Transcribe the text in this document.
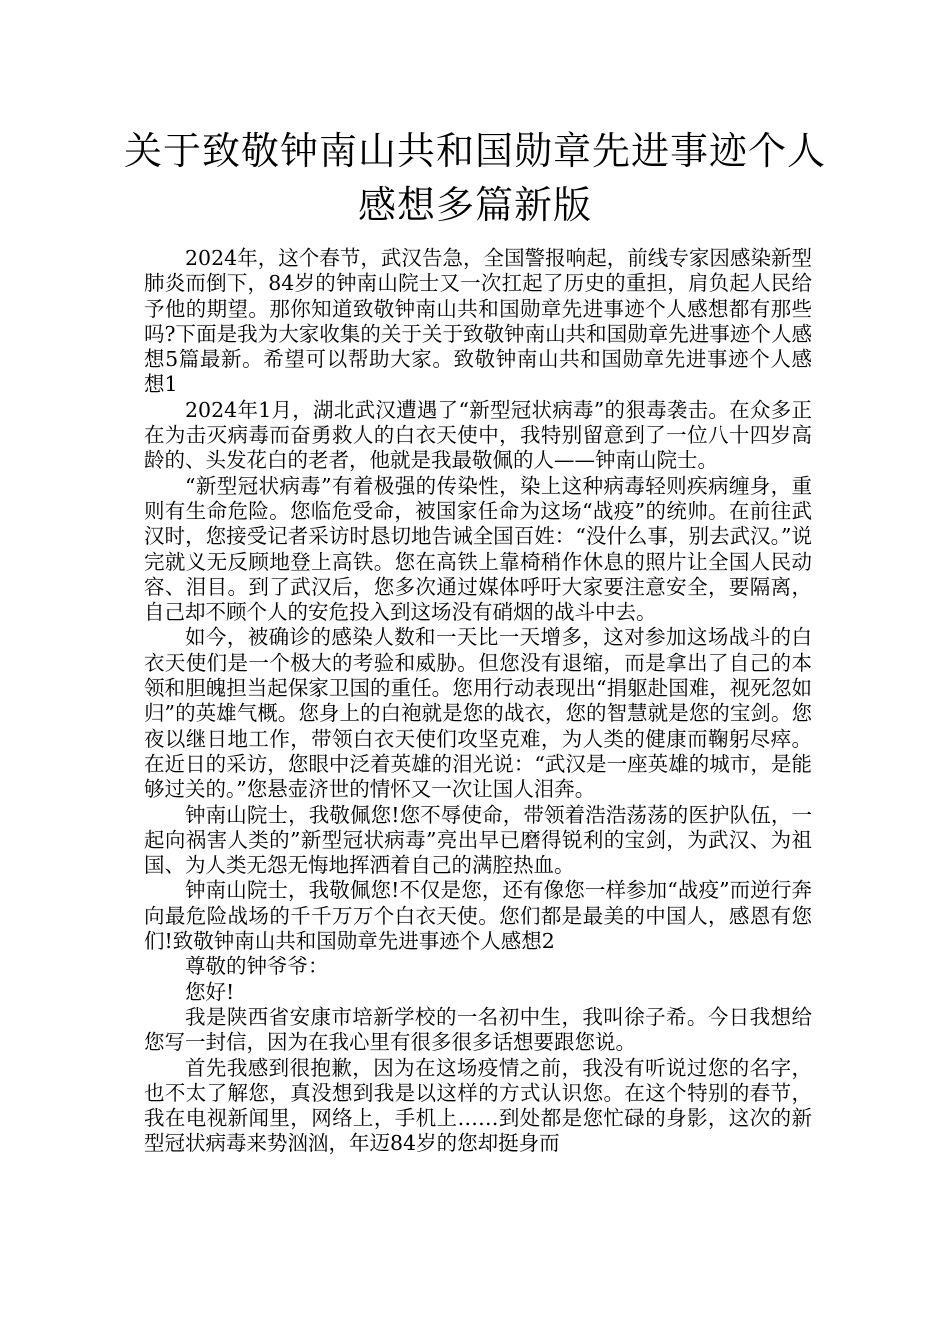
关于致敬钟南山共和国勋章先进事迹个人感想多篇新版

2024年，这个春节，武汉告急，全国警报响起，前线专家因感染新型肺炎而倒下，84岁的钟南山院士又一次扛起了历史的重担，肩负起人民给予他的期望。那你知道致敬钟南山共和国勋章先进事迹个人感想都有那些吗?下面是我为大家收集的关于关于致敬钟南山共和国勋章先进事迹个人感想5篇最新。希望可以帮助大家。致敬钟南山共和国勋章先进事迹个人感想1

2024年1月，湖北武汉遭遇了“新型冠状病毒”的狠毒袭击。在众多正在为击灭病毒而奋勇救人的白衣天使中，我特别留意到了一位八十四岁高龄的、头发花白的老者，他就是我最敬佩的人——钟南山院士。

“新型冠状病毒”有着极强的传染性，染上这种病毒轻则疾病缠身，重则有生命危险。您临危受命，被国家任命为这场“战疫”的统帅。在前往武汉时，您接受记者采访时恳切地告诫全国百姓：“没什么事，别去武汉。”说完就义无反顾地登上高铁。您在高铁上靠椅稍作休息的照片让全国人民动容、泪目。到了武汉后，您多次通过媒体呼吁大家要注意安全，要隔离，自己却不顾个人的安危投入到这场没有硝烟的战斗中去。

如今，被确诊的感染人数和一天比一天增多，这对参加这场战斗的白衣天使们是一个极大的考验和威胁。但您没有退缩，而是拿出了自己的本领和胆魄担当起保家卫国的重任。您用行动表现出“捐躯赴国难，视死忽如归”的英雄气概。您身上的白袍就是您的战衣，您的智慧就是您的宝剑。您夜以继日地工作，带领白衣天使们攻坚克难，为人类的健康而鞠躬尽瘁。在近日的采访，您眼中泛着英雄的泪光说：“武汉是一座英雄的城市，是能够过关的。”您悬壶济世的情怀又一次让国人泪奔。

钟南山院士，我敬佩您!您不辱使命，带领着浩浩荡荡的医护队伍，一起向祸害人类的”新型冠状病毒”亮出早已磨得锐利的宝剑，为武汉、为祖国、为人类无怨无悔地挥洒着自己的满腔热血。

钟南山院士，我敬佩您!不仅是您，还有像您一样参加“战疫”而逆行奔向最危险战场的千千万万个白衣天使。您们都是最美的中国人，感恩有您们!致敬钟南山共和国勋章先进事迹个人感想2

尊敬的钟爷爷：

您好!

我是陕西省安康市培新学校的一名初中生，我叫徐子希。今日我想给您写一封信，因为在我心里有很多很多话想要跟您说。

首先我感到很抱歉，因为在这场疫情之前，我没有听说过您的名字，也不太了解您，真没想到我是以这样的方式认识您。在这个特别的春节，我在电视新闻里，网络上，手机上……到处都是您忙碌的身影，这次的新型冠状病毒来势汹汹，年迈84岁的您却挺身而
